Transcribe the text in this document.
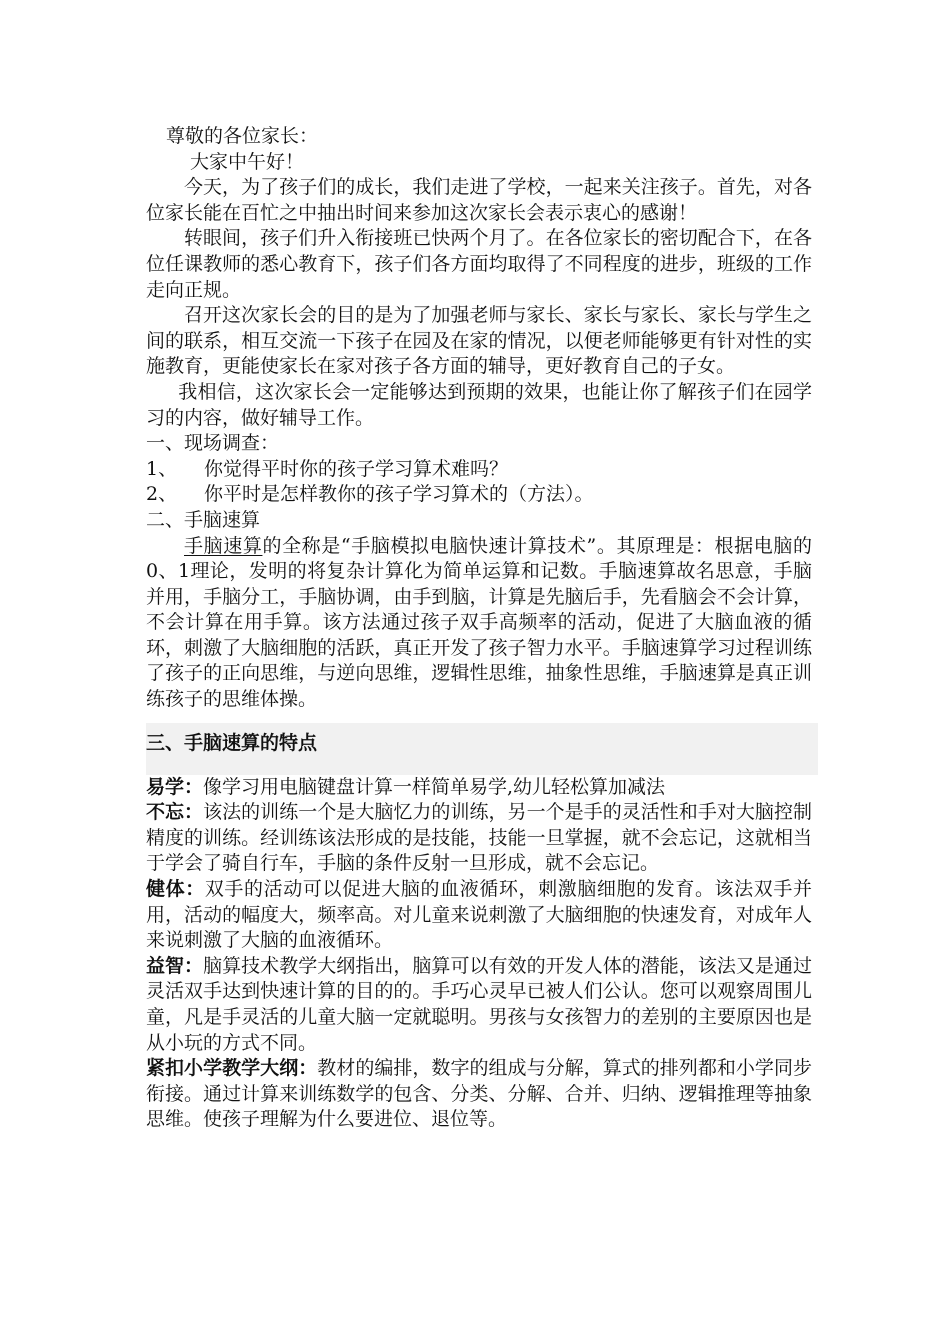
尊敬的各位家长：

大家中午好！

今天，为了孩子们的成长，我们走进了学校，一起来关注孩子。首先，对各位家长能在百忙之中抽出时间来参加这次家长会表示衷心的感谢！

转眼间，孩子们升入衔接班已快两个月了。在各位家长的密切配合下，在各位任课教师的悉心教育下，孩子们各方面均取得了不同程度的进步，班级的工作走向正规。

召开这次家长会的目的是为了加强老师与家长、家长与家长、家长与学生之间的联系，相互交流一下孩子在园及在家的情况，以便老师能够更有针对性的实施教育，更能使家长在家对孩子各方面的辅导，更好教育自己的子女。

我相信，这次家长会一定能够达到预期的效果，也能让你了解孩子们在园学习的内容，做好辅导工作。

一、现场调查：

1、	你觉得平时你的孩子学习算术难吗？
2、	你平时是怎样教你的孩子学习算术的（方法）。

二、手脑速算

手脑速算的全称是“手脑模拟电脑快速计算技术”。其原理是：根据电脑的0、1理论，发明的将复杂计算化为简单运算和记数。手脑速算故名思意，手脑并用，手脑分工，手脑协调，由手到脑，计算是先脑后手，先看脑会不会计算，不会计算在用手算。该方法通过孩子双手高频率的活动，促进了大脑血液的循环，刺激了大脑细胞的活跃，真正开发了孩子智力水平。手脑速算学习过程训练了孩子的正向思维，与逆向思维，逻辑性思维，抽象性思维，手脑速算是真正训练孩子的思维体操。

三、手脑速算的特点

易学：像学习用电脑键盘计算一样简单易学,幼儿轻松算加减法

不忘：该法的训练一个是大脑忆力的训练，另一个是手的灵活性和手对大脑控制精度的训练。经训练该法形成的是技能，技能一旦掌握，就不会忘记，这就相当于学会了骑自行车，手脑的条件反射一旦形成，就不会忘记。

健体：双手的活动可以促进大脑的血液循环，刺激脑细胞的发育。该法双手并用，活动的幅度大，频率高。对儿童来说刺激了大脑细胞的快速发育，对成年人来说刺激了大脑的血液循环。

益智：脑算技术教学大纲指出，脑算可以有效的开发人体的潜能，该法又是通过灵活双手达到快速计算的目的的。手巧心灵早已被人们公认。您可以观察周围儿童，凡是手灵活的儿童大脑一定就聪明。男孩与女孩智力的差别的主要原因也是从小玩的方式不同。

紧扣小学教学大纲：教材的编排，数字的组成与分解，算式的排列都和小学同步衔接。通过计算来训练数学的包含、分类、分解、合并、归纳、逻辑推理等抽象思维。使孩子理解为什么要进位、退位等。
